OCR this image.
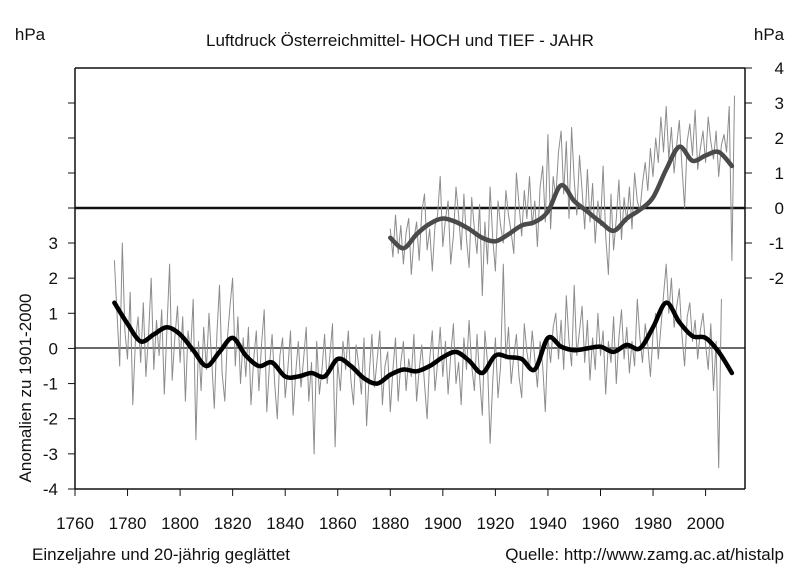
Luftdruck Österreichmittel- HOCH und TIEF - JAHR
hPa	hPa
Anomalien zu 1901-2000
Einzeljahre und 20-jährig geglättet	Quelle: http://www.zamg.ac.at/histalp
-4
-3
-2
-1
0
1
2
3
-2
-1
0
1
2
3
4
1760 1780 1800 1820 1840 1860 1880 1900 1920 1940 1960 1980 2000
